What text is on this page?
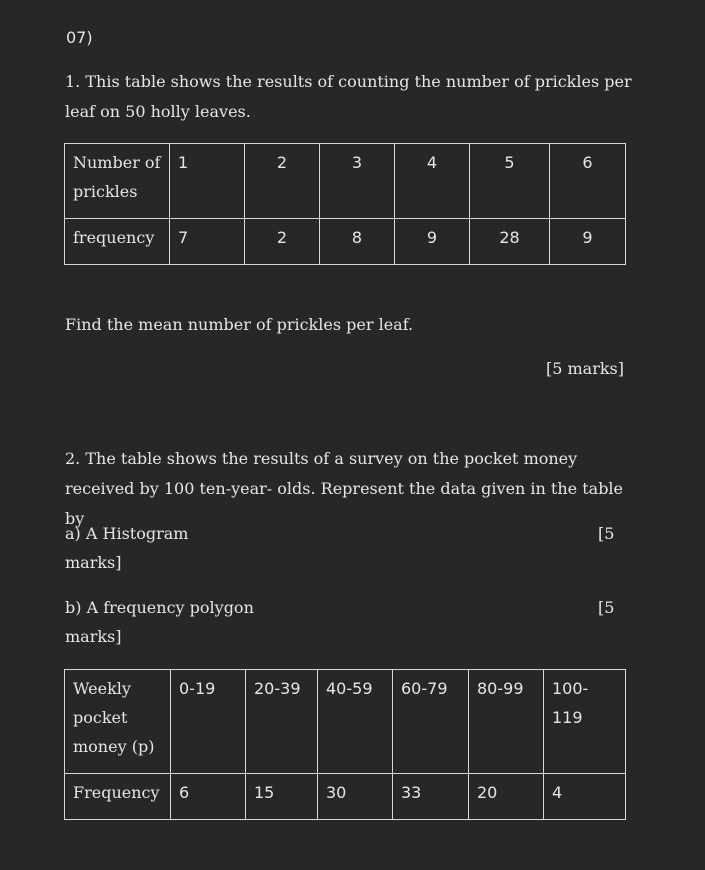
07)

1. This table shows the results of counting the number of prickles per leaf on 50 holly leaves.

Number of prickles	1	2	3	4	5	6
frequency	7	2	8	9	28	9
Find the mean number of prickles per leaf.
[5 marks]

2. The table shows the results of a survey on the pocket money received by 100 ten-year- olds. Represent the data given in the table by

a) A Histogram	[5
marks]
b) A frequency polygon	[5
marks]
Weekly pocket money (p)	0-19	20-39	40-59	60-79	80-99	100-119
Frequency	6	15	30	33	20	4
